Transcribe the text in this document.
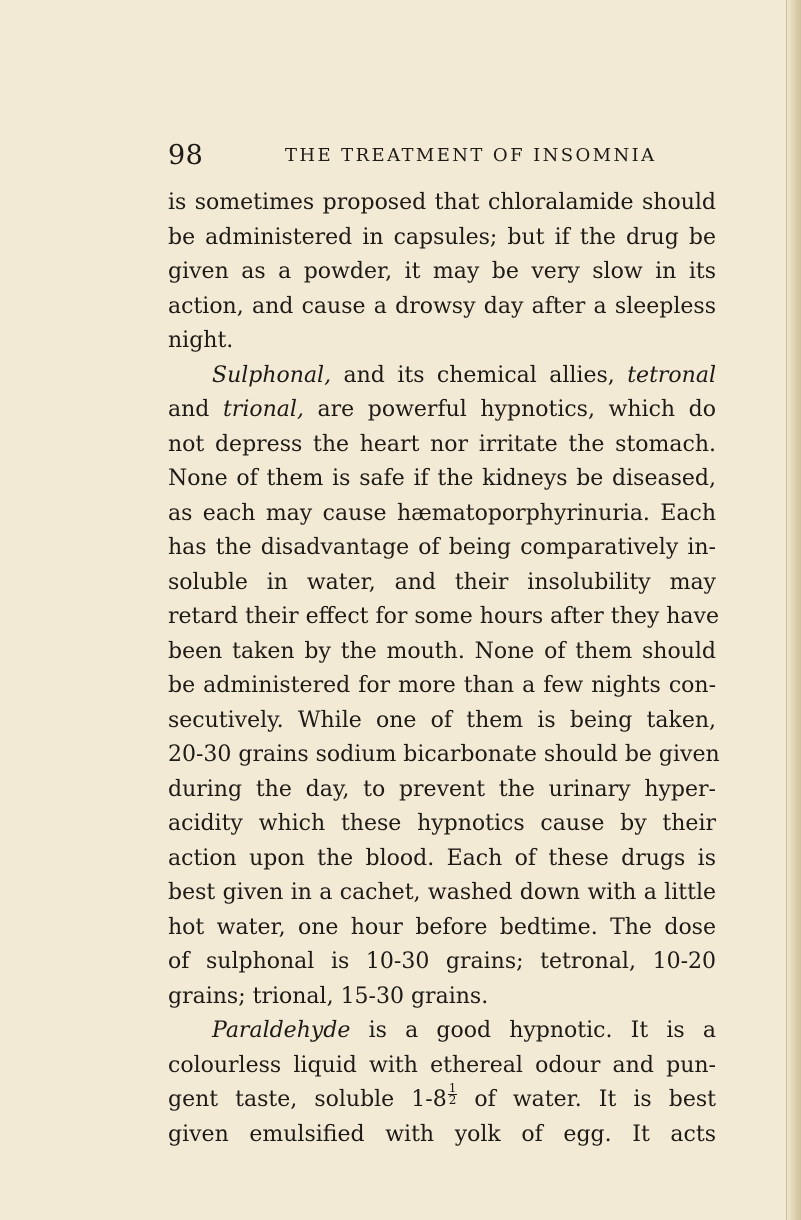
98	THE TREATMENT OF INSOMNIA
is sometimes proposed that chloralamide should
be administered in capsules; but if the drug be
given as a powder, it may be very slow in its
action, and cause a drowsy day after a sleepless
night.
Sulphonal, and its chemical allies, tetronal
and trional, are powerful hypnotics, which do
not depress the heart nor irritate the stomach.
None of them is safe if the kidneys be diseased,
as each may cause hæmatoporphyrinuria. Each
has the disadvantage of being comparatively in-
soluble in water, and their insolubility may
retard their effect for some hours after they have
been taken by the mouth. None of them should
be administered for more than a few nights con-
secutively. While one of them is being taken,
20-30 grains sodium bicarbonate should be given
during the day, to prevent the urinary hyper-
acidity which these hypnotics cause by their
action upon the blood. Each of these drugs is
best given in a cachet, washed down with a little
hot water, one hour before bedtime. The dose
of sulphonal is 10-30 grains; tetronal, 10-20
grains; trional, 15-30 grains.
Paraldehyde is a good hypnotic. It is a
colourless liquid with ethereal odour and pun-
gent taste, soluble $1-8 \frac{1}{2}$ of water. It is best
given emulsified with yolk of egg. It acts
